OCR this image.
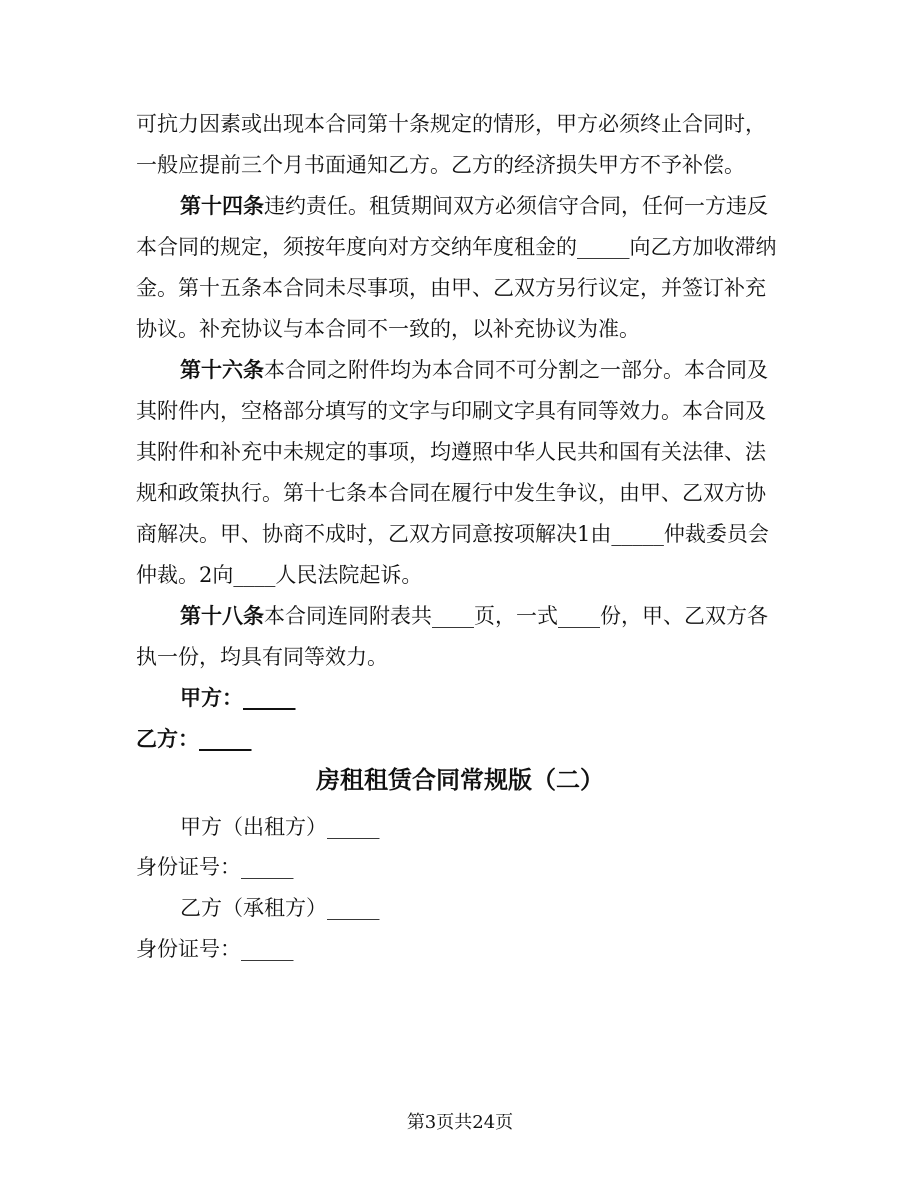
可抗力因素或出现本合同第十条规定的情形，甲方必须终止合同时，
一般应提前三个月书面通知乙方。乙方的经济损失甲方不予补偿。
第十四条违约责任。租赁期间双方必须信守合同，任何一方违反
本合同的规定，须按年度向对方交纳年度租金的_____向乙方加收滞纳
金。第十五条本合同未尽事项，由甲、乙双方另行议定，并签订补充
协议。补充协议与本合同不一致的，以补充协议为准。
第十六条本合同之附件均为本合同不可分割之一部分。本合同及
其附件内，空格部分填写的文字与印刷文字具有同等效力。本合同及
其附件和补充中未规定的事项，均遵照中华人民共和国有关法律、法
规和政策执行。第十七条本合同在履行中发生争议，由甲、乙双方协
商解决。甲、协商不成时，乙双方同意按项解决1由_____仲裁委员会
仲裁。2向____人民法院起诉。
第十八条本合同连同附表共____页，一式____份，甲、乙双方各
执一份，均具有同等效力。
甲方：_____
乙方：_____
房租租赁合同常规版（二）
甲方（出租方）_____
身份证号：_____
乙方（承租方）_____
身份证号：_____
第3页共24页
